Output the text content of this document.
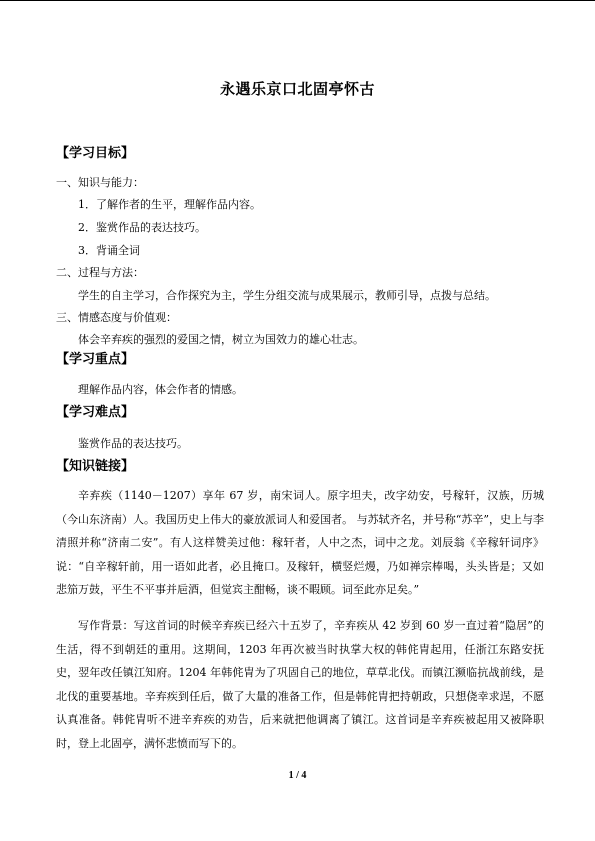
永遇乐京口北固亭怀古
【学习目标】
一、知识与能力：
1．了解作者的生平，理解作品内容。
2．鉴赏作品的表达技巧。
3．背诵全词
二、过程与方法：
学生的自主学习，合作探究为主，学生分组交流与成果展示，教师引导，点拨与总结。
三、情感态度与价值观：
体会辛弃疾的强烈的爱国之情，树立为国效力的雄心壮志。
【学习重点】
理解作品内容，体会作者的情感。
【学习难点】
鉴赏作品的表达技巧。
【知识链接】

辛弃疾（1140－1207）享年 67 岁，南宋词人。原字坦夫，改字幼安，号稼轩，汉族，历城（今山东济南）人。我国历史上伟大的豪放派词人和爱国者。 与苏轼齐名，并号称“苏辛”，史上与李清照并称“济南二安”。有人这样赞美过他：稼轩者，人中之杰，词中之龙。刘辰翁《辛稼轩词序》说：“自辛稼轩前，用一语如此者，必且掩口。及稼轩，横竖烂熳，乃如禅宗棒喝，头头皆是；又如悲笳万鼓，平生不平事并巵酒，但觉宾主酣畅，谈不暇顾。词至此亦足矣。”

写作背景：写这首词的时候辛弃疾已经六十五岁了，辛弃疾从 42 岁到 60 岁一直过着“隐居”的生活，得不到朝廷的重用。这期间，1203 年再次被当时执掌大权的韩侂胄起用，任浙江东路安抚史，翌年改任镇江知府。1204 年韩侂胄为了巩固自己的地位，草草北伐。而镇江濒临抗战前线，是北伐的重要基地。辛弃疾到任后，做了大量的准备工作，但是韩侂胄把持朝政，只想侥幸求逞，不愿认真准备。韩侂胄听不进辛弃疾的劝告，后来就把他调离了镇江。这首词是辛弃疾被起用又被降职时，登上北固亭，满怀悲愤而写下的。

1 / 4
